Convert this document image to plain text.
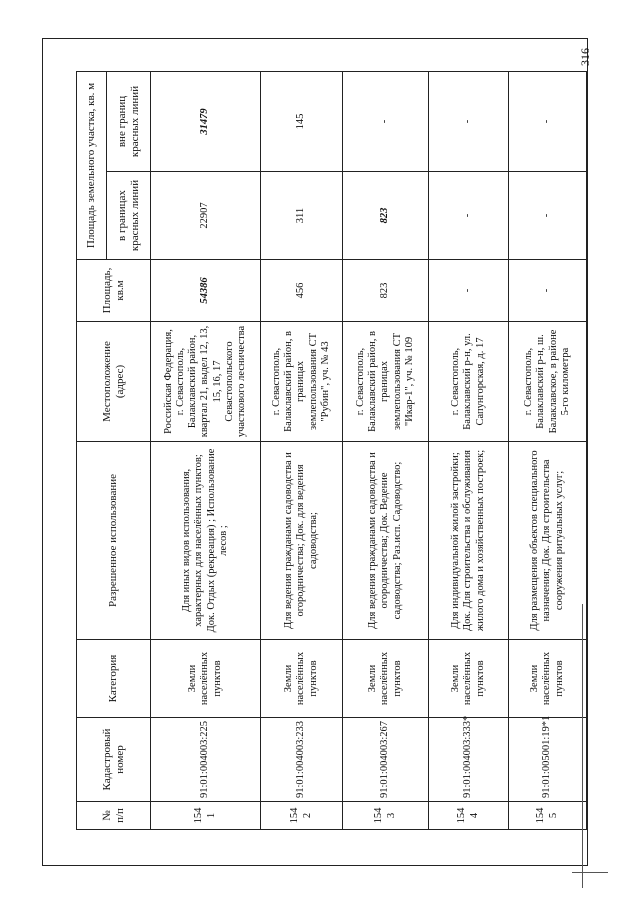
№ п/п	Кадастровый номер	Категория	Разрешенное использование	Местоположение (адрес)	Площадь, кв.м	Площадь земельного участка, кв. м	
						в границах красных линий	вне границ красных линий

154 1	91:01:004003:225	Земли населённых пунктов	Для иных видов использования, характерных для населённых пунктов; Док. Отдых (рекреация) ; Использование лесов ;	Российская Федерация, г. Севастополь, Балаклавский район, квартал 21, выдел 12, 13, 15, 16, 17 Севастопольского участкового лесничества	54386	22907	31479

154 2	91:01:004003:233	Земли населённых пунктов	Для ведения гражданами садоводства и огородничества; Док. для ведения садоводства;	г. Севастополь, Балаклавский район, в границах землепользования СТ "Рубин", уч. № 43	456	311	145

154 3	91:01:004003:267	Земли населённых пунктов	Для ведения гражданами садоводства и огородничества; Док. Ведение садоводства; Раз.исп. Садоводство;	г. Севастополь, Балаклавский район, в границах землепользования СТ "Икар-1", уч. № 109	823	823	-

154 4	91:01:004003:333*	Земли населённых пунктов	Для индивидуальной жилой застройки; Док. Для строительства и обслуживания жилого дома и хозяйственных построек;	г. Севастополь, Балаклавский р-н, ул. Сапунгорская, д. 17	-	-	-

154 5	91:01:005001:19*1	Земли населённых пунктов	Для размещения объектов специального назначения; Док. Для строительства сооружения ритуальных услуг;	г. Севастополь, Балаклавский р-н, ш. Балаклавское, в районе 5-го километра	-	-	-
316
